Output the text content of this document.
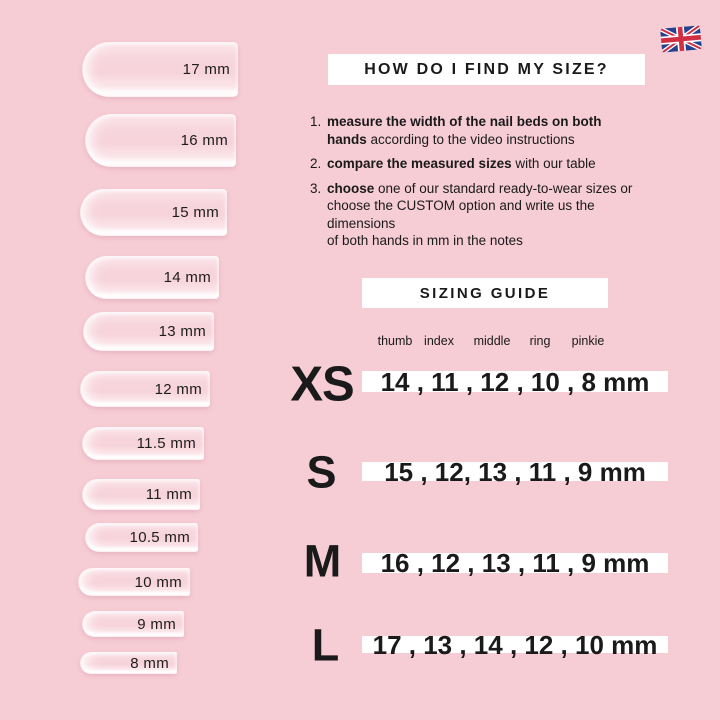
17 mm
16 mm
15 mm
14 mm
13 mm
12 mm
11.5 mm
11 mm
10.5 mm
10 mm
9 mm
8 mm
HOW DO I FIND MY SIZE?
1. measure the width of the nail beds on both
hands according to the video instructions
2. compare the measured sizes with our table
3. choose one of our standard ready-to-wear sizes or
choose the CUSTOM option and write us the dimensions
of both hands in mm in the notes
SIZING GUIDE
thumb index middle ring pinkie
XS 14 , 11 , 12 , 10 , 8 mm
S 15 , 12, 13 , 11 , 9 mm
M 16 , 12 , 13 , 11 , 9 mm
L 17 , 13 , 14 , 12 , 10 mm
